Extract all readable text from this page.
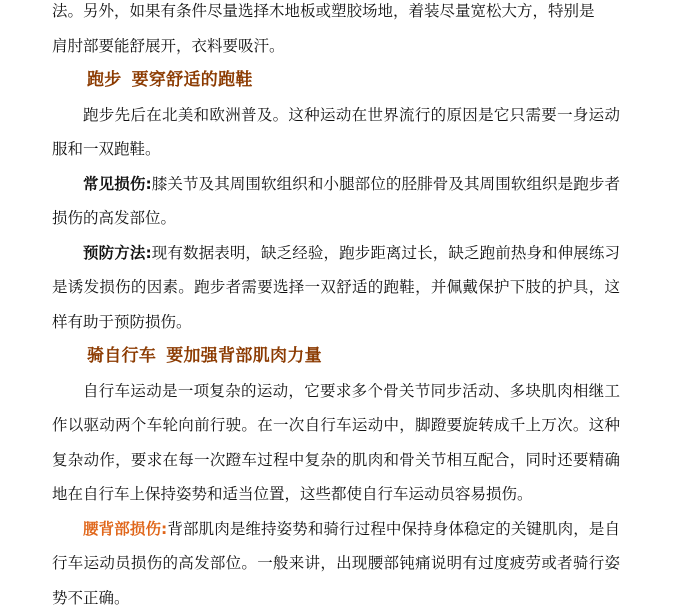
法。另外，如果有条件尽量选择木地板或塑胶场地，着装尽量宽松大方，特别是
肩肘部要能舒展开，衣料要吸汗。

跑步 要穿舒适的跑鞋

跑步先后在北美和欧洲普及。这种运动在世界流行的原因是它只需要一身运动服和一双跑鞋。

常见损伤:膝关节及其周围软组织和小腿部位的胫腓骨及其周围软组织是跑步者损伤的高发部位。

预防方法:现有数据表明，缺乏经验，跑步距离过长，缺乏跑前热身和伸展练习是诱发损伤的因素。跑步者需要选择一双舒适的跑鞋，并佩戴保护下肢的护具，这样有助于预防损伤。

骑自行车 要加强背部肌肉力量

自行车运动是一项复杂的运动，它要求多个骨关节同步活动、多块肌肉相继工作以驱动两个车轮向前行驶。在一次自行车运动中，脚蹬要旋转成千上万次。这种复杂动作，要求在每一次蹬车过程中复杂的肌肉和骨关节相互配合，同时还要精确地在自行车上保持姿势和适当位置，这些都使自行车运动员容易损伤。

腰背部损伤:背部肌肉是维持姿势和骑行过程中保持身体稳定的关键肌肉，是自行车运动员损伤的高发部位。一般来讲，出现腰部钝痛说明有过度疲劳或者骑行姿势不正确。
